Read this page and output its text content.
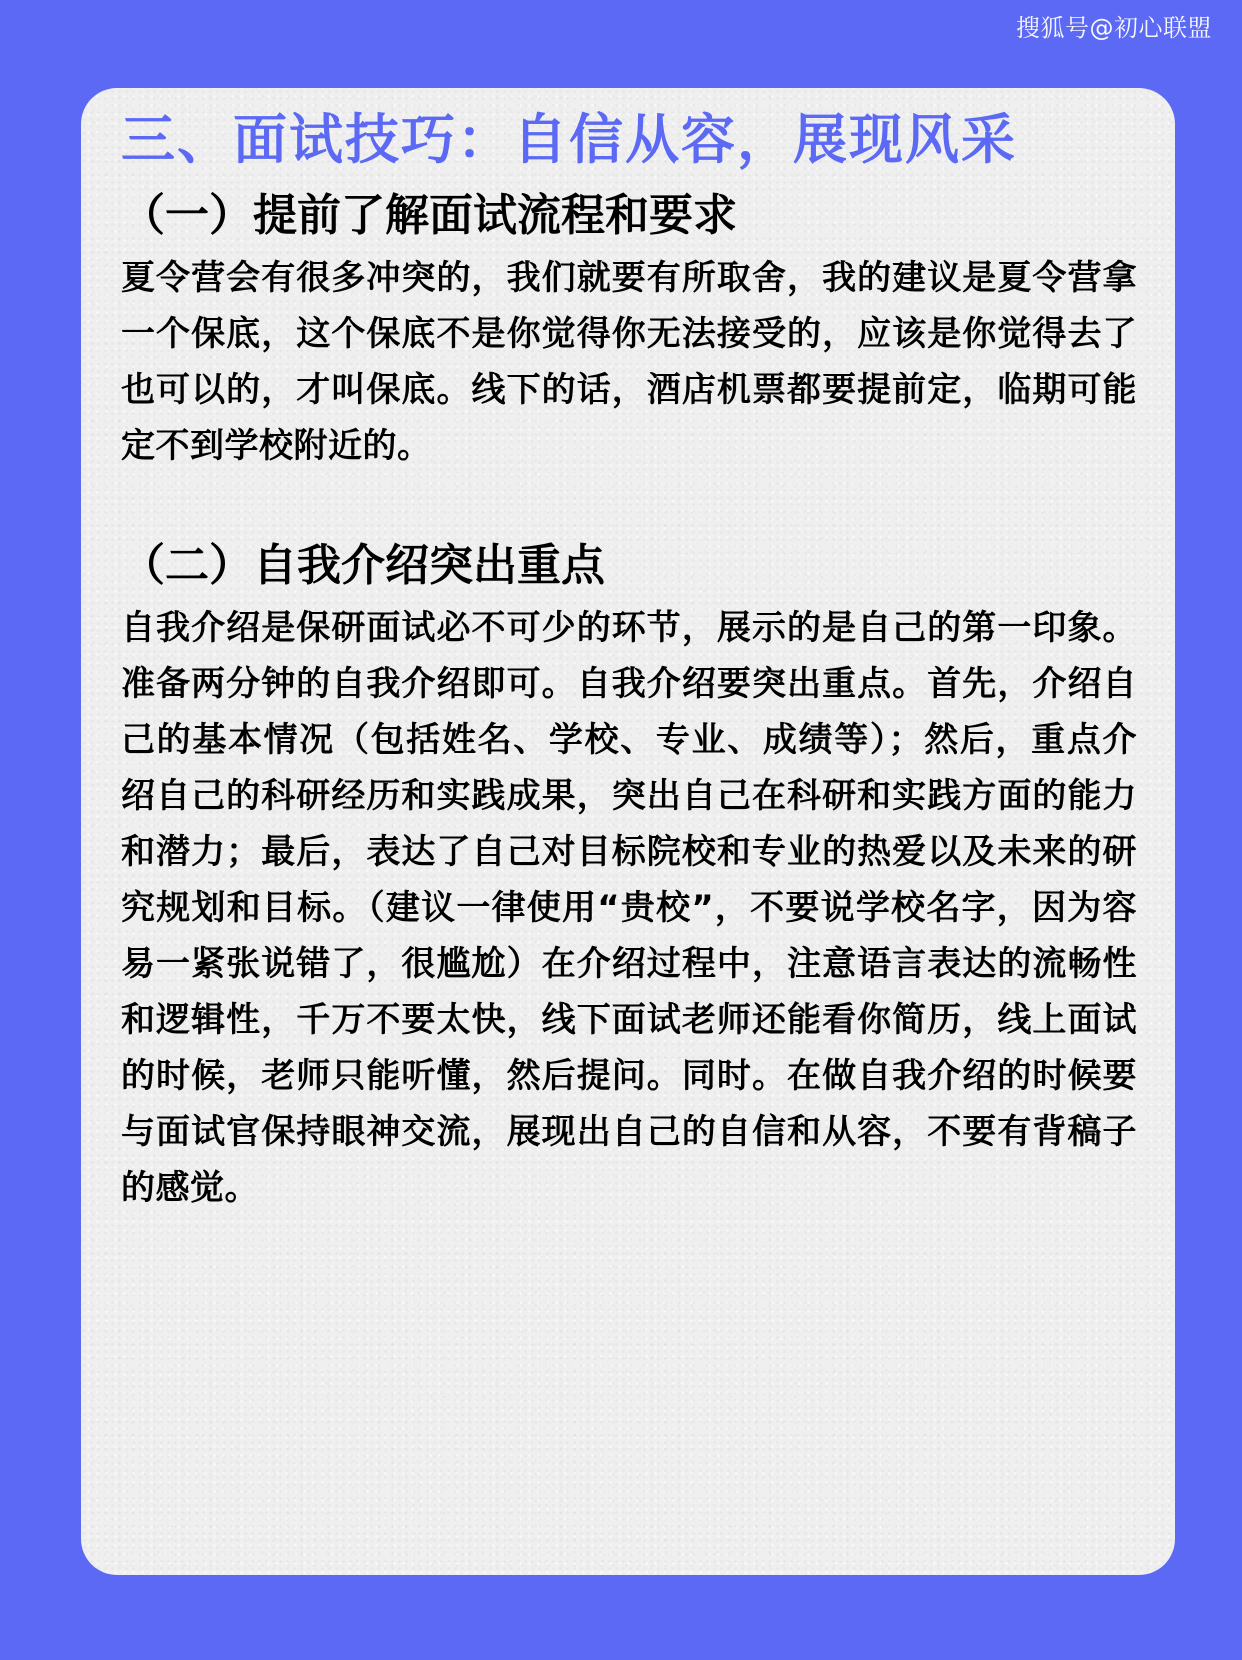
搜狐号@初心联盟
三、面试技巧：自信从容，展现风采
（一）提前了解面试流程和要求

夏令营会有很多冲突的，我们就要有所取舍，我的建议是夏令营拿一个保底，这个保底不是你觉得你无法接受的，应该是你觉得去了也可以的，才叫保底。线下的话，酒店机票都要提前定，临期可能定不到学校附近的。

（二）自我介绍突出重点

自我介绍是保研面试必不可少的环节，展示的是自己的第一印象。准备两分钟的自我介绍即可。自我介绍要突出重点。首先，介绍自己的基本情况（包括姓名、学校、专业、成绩等）；然后，重点介绍自己的科研经历和实践成果，突出自己在科研和实践方面的能力和潜力；最后，表达了自己对目标院校和专业的热爱以及未来的研究规划和目标。（建议一律使用“贵校”，不要说学校名字，因为容易一紧张说错了，很尴尬）在介绍过程中，注意语言表达的流畅性和逻辑性，千万不要太快，线下面试老师还能看你简历，线上面试的时候，老师只能听懂，然后提问。同时。在做自我介绍的时候要与面试官保持眼神交流，展现出自己的自信和从容，不要有背稿子的感觉。
